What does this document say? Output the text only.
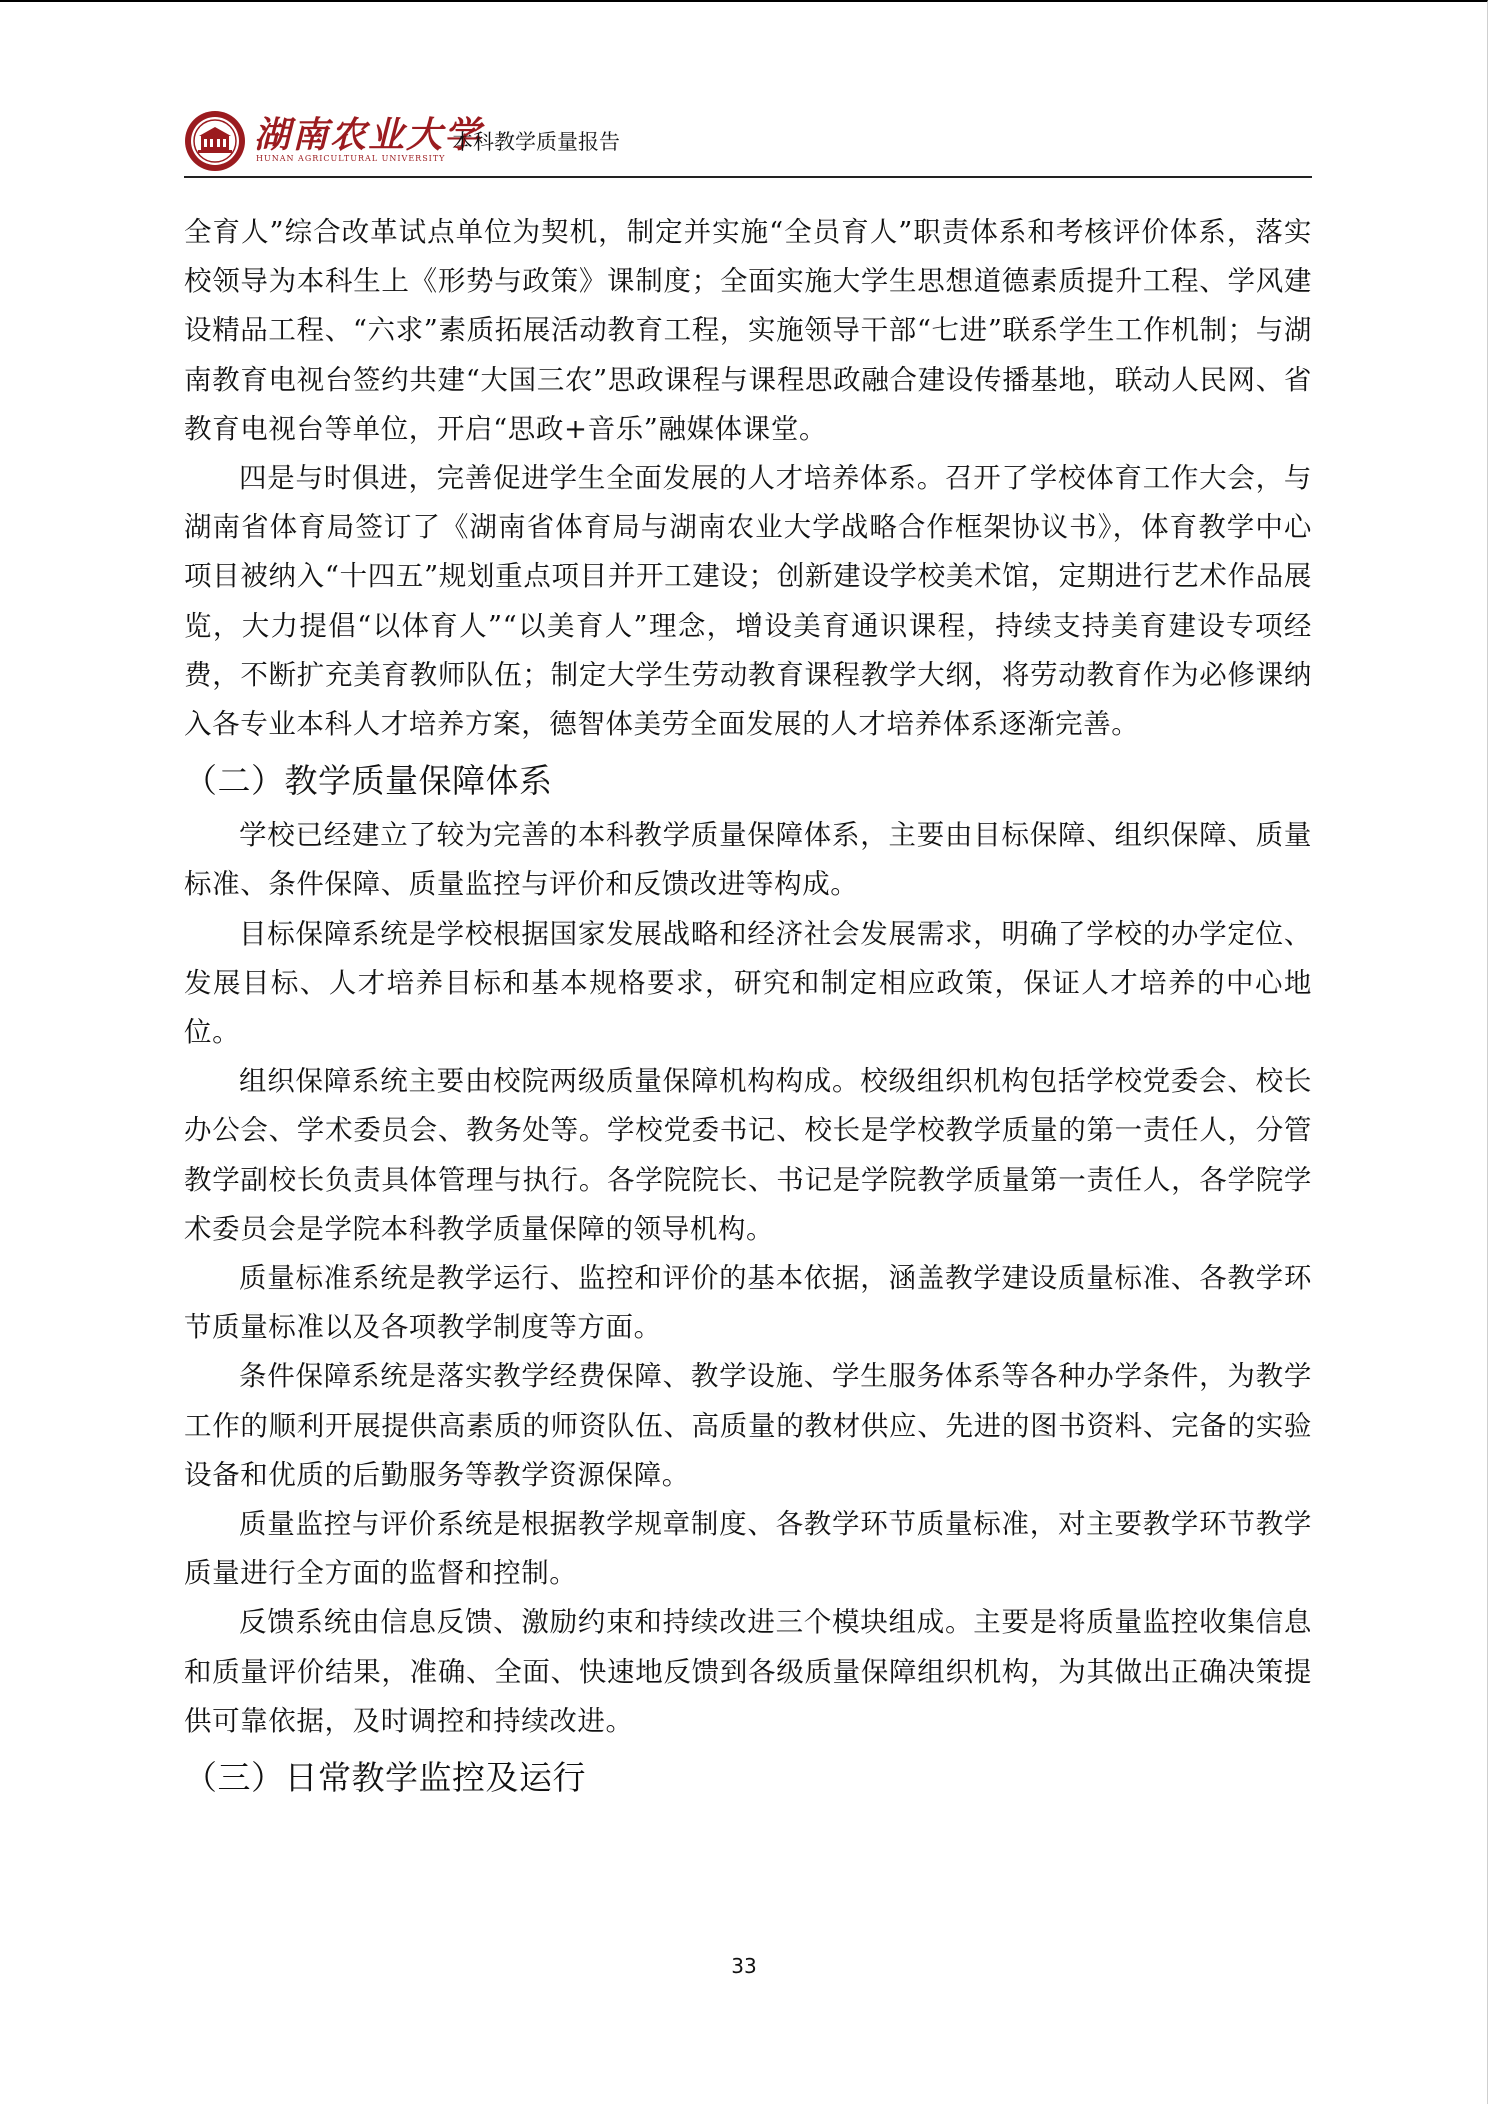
湖南农业大学
HUNAN AGRICULTURAL UNIVERSITY
本科教学质量报告

全育人”综合改革试点单位为契机，制定并实施“全员育人”职责体系和考核评价体系，落实校领导为本科生上《形势与政策》课制度；全面实施大学生思想道德素质提升工程、学风建设精品工程、“六求”素质拓展活动教育工程，实施领导干部“七进”联系学生工作机制；与湖南教育电视台签约共建“大国三农”思政课程与课程思政融合建设传播基地，联动人民网、省教育电视台等单位，开启“思政+音乐”融媒体课堂。

四是与时俱进，完善促进学生全面发展的人才培养体系。召开了学校体育工作大会，与湖南省体育局签订了《湖南省体育局与湖南农业大学战略合作框架协议书》，体育教学中心项目被纳入“十四五”规划重点项目并开工建设；创新建设学校美术馆，定期进行艺术作品展览，大力提倡“以体育人”“以美育人”理念，增设美育通识课程，持续支持美育建设专项经费，不断扩充美育教师队伍；制定大学生劳动教育课程教学大纲，将劳动教育作为必修课纳入各专业本科人才培养方案，德智体美劳全面发展的人才培养体系逐渐完善。

（二）教学质量保障体系

学校已经建立了较为完善的本科教学质量保障体系，主要由目标保障、组织保障、质量标准、条件保障、质量监控与评价和反馈改进等构成。

目标保障系统是学校根据国家发展战略和经济社会发展需求，明确了学校的办学定位、发展目标、人才培养目标和基本规格要求，研究和制定相应政策，保证人才培养的中心地位。

组织保障系统主要由校院两级质量保障机构构成。校级组织机构包括学校党委会、校长办公会、学术委员会、教务处等。学校党委书记、校长是学校教学质量的第一责任人，分管教学副校长负责具体管理与执行。各学院院长、书记是学院教学质量第一责任人，各学院学术委员会是学院本科教学质量保障的领导机构。

质量标准系统是教学运行、监控和评价的基本依据，涵盖教学建设质量标准、各教学环节质量标准以及各项教学制度等方面。

条件保障系统是落实教学经费保障、教学设施、学生服务体系等各种办学条件，为教学工作的顺利开展提供高素质的师资队伍、高质量的教材供应、先进的图书资料、完备的实验设备和优质的后勤服务等教学资源保障。

质量监控与评价系统是根据教学规章制度、各教学环节质量标准，对主要教学环节教学质量进行全方面的监督和控制。

反馈系统由信息反馈、激励约束和持续改进三个模块组成。主要是将质量监控收集信息和质量评价结果，准确、全面、快速地反馈到各级质量保障组织机构，为其做出正确决策提供可靠依据，及时调控和持续改进。

（三）日常教学监控及运行
33
